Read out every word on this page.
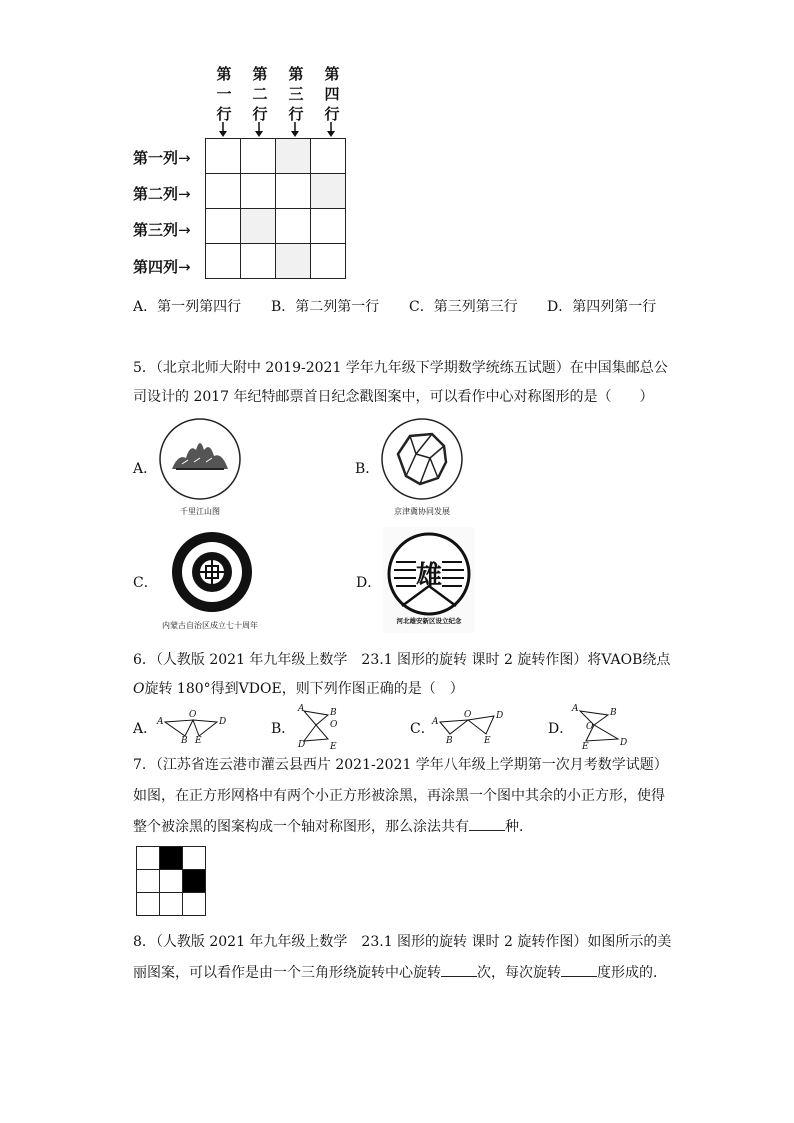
第
一
行
第
二
行
第
三
行
第
四
行
第一列→
第二列→
第三列→
第四列→

A．第一列第四行 B．第二列第一行 C．第三列第三行 D．第四列第一行
5．（北京北师大附中 2019-2021 学年九年级下学期数学统练五试题）在中国集邮总公司设计的 2017 年纪特邮票首日纪念戳图案中，可以看作中心对称图形的是（　　）
A．
千里江山图
B．
京津冀协同发展
C．
内蒙古自治区成立七十周年
D． 雄
河北雄安新区设立纪念
6．（人教版 2021 年九年级上数学　23.1 图形的旋转 课时 2 旋转作图）将VAOB绕点 O旋转 180°得到VDOE，则下列作图正确的是（　）
A． A
O
D
B E
B．
A
O
D
B
E
C．
A
O	D
B	E
D．
A
O
D
B
E
7．（江苏省连云港市灌云县西片 2021-2021 学年八年级上学期第一次月考数学试题）如图，在正方形网格中有两个小正方形被涂黑，再涂黑一个图中其余的小正方形，使得整个被涂黑的图案构成一个轴对称图形，那么涂法共有	种．

8．（人教版 2021 年九年级上数学　23.1 图形的旋转 课时 2 旋转作图）如图所示的美丽图案，可以看作是由一个三角形绕旋转中心旋转	次，每次旋转	度形成的．
